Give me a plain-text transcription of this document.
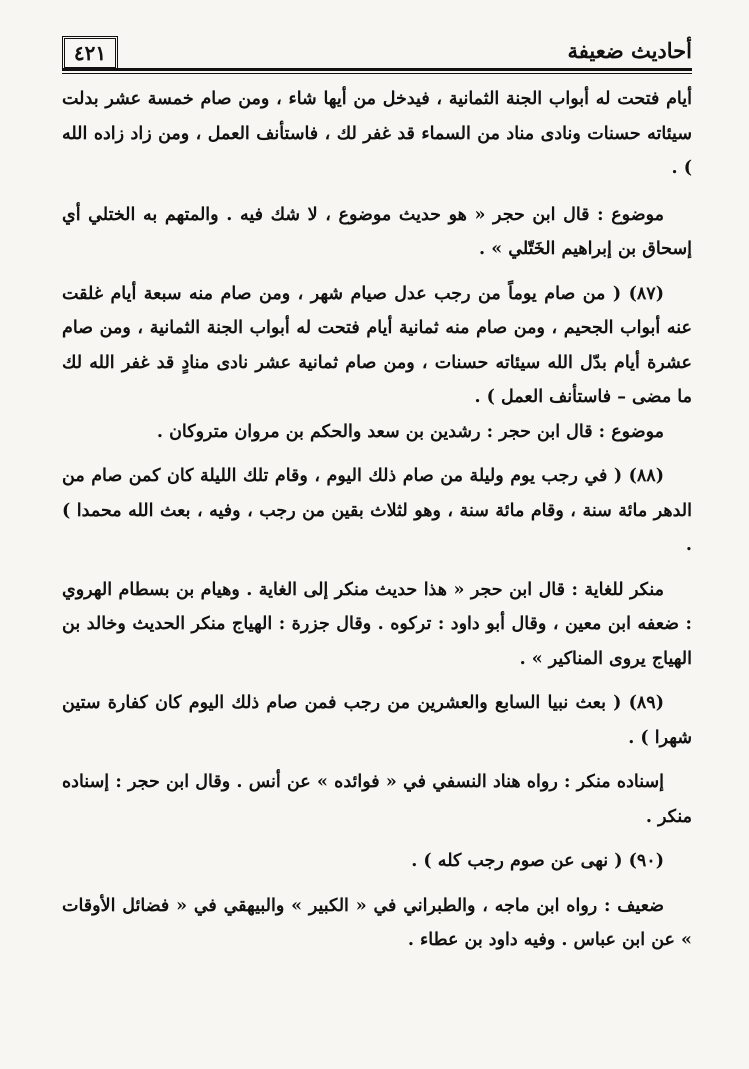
٤٢١	أحاديث ضعيفة

أيام فتحت له أبواب الجنة الثمانية ، فيدخل من أيها شاء ، ومن صام خمسة عشر بدلت سيئاته حسنات ونادى مناد من السماء قد غفر لك ، فاستأنف العمل ، ومن زاد زاده الله ) .

موضوع : قال ابن حجر « هو حديث موضوع ، لا شك فيه . والمتهم به الختلي أي إسحاق بن إبراهيم الخَتّلي » .

(٨٧) ( من صام يوماً من رجب عدل صيام شهر ، ومن صام منه سبعة أيام غلقت عنه أبواب الجحيم ، ومن صام منه ثمانية أيام فتحت له أبواب الجنة الثمانية ، ومن صام عشرة أيام بدّل الله سيئاته حسنات ، ومن صام ثمانية عشر نادى منادٍ قد غفر الله لك ما مضى – فاستأنف العمل ) .

موضوع : قال ابن حجر : رشدين بن سعد والحكم بن مروان متروكان .

(٨٨) ( في رجب يوم وليلة من صام ذلك اليوم ، وقام تلك الليلة كان كمن صام من الدهر مائة سنة ، وقام مائة سنة ، وهو لثلاث بقين من رجب ، وفيه ، بعث الله محمدا ) .

منكر للغاية : قال ابن حجر « هذا حديث منكر إلى الغاية . وهيام بن بسطام الهروي : ضعفه ابن معين ، وقال أبو داود : تركوه . وقال جزرة : الهياج منكر الحديث وخالد بن الهياج يروى المناكير » .

(٨٩) ( بعث نبيا السابع والعشرين من رجب فمن صام ذلك اليوم كان كفارة ستين شهرا ) .

إسناده منكر : رواه هناد النسفي في « فوائده » عن أنس . وقال ابن حجر : إسناده منكر .

(٩٠) ( نهى عن صوم رجب كله ) .

ضعيف : رواه ابن ماجه ، والطبراني في « الكبير » والبيهقي في « فضائل الأوقات » عن ابن عباس . وفيه داود بن عطاء .
